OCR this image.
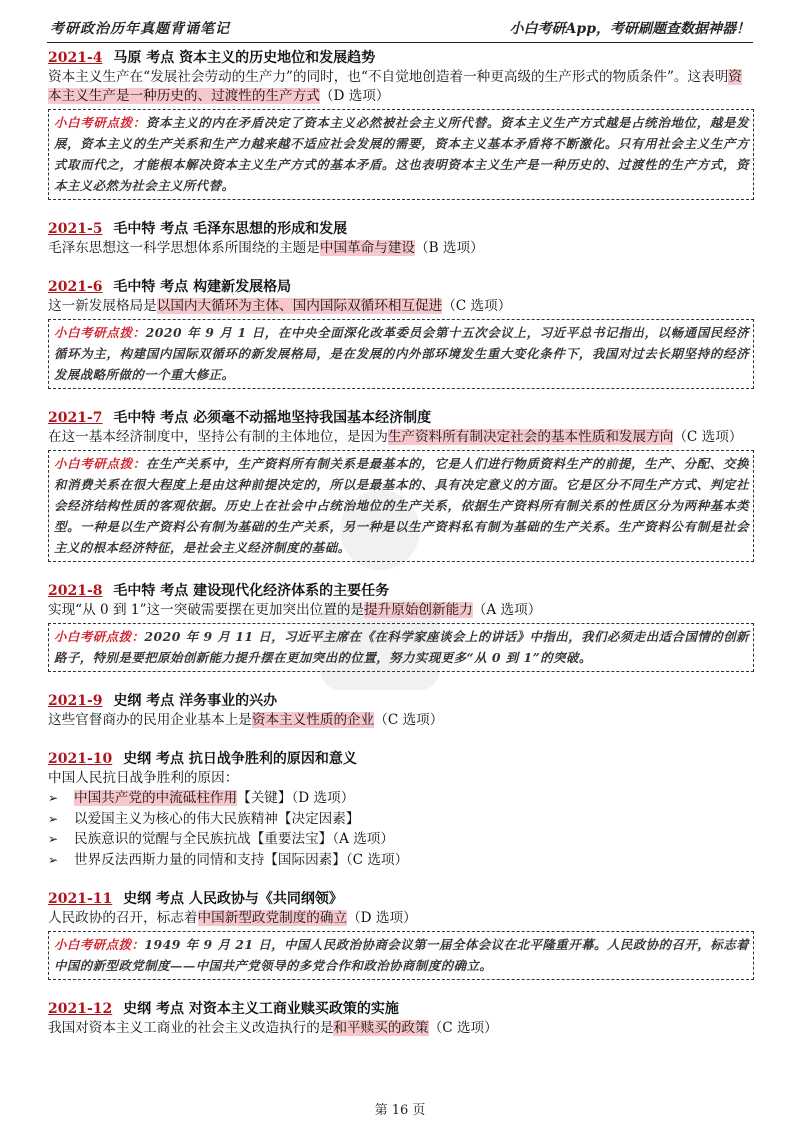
考研政治历年真题背诵笔记	小白考研App，考研刷题查数据神器！
2021-4 马原 考点 资本主义的历史地位和发展趋势
资本主义生产在“发展社会劳动的生产力”的同时，也“不自觉地创造着一种更高级的生产形式的物质条件”。这表明资本主义生产是一种历史的、过渡性的生产方式（D 选项）
小白考研点拨：资本主义的内在矛盾决定了资本主义必然被社会主义所代替。资本主义生产方式越是占统治地位，越是发展，资本主义的生产关系和生产力越来越不适应社会发展的需要，资本主义基本矛盾将不断激化。只有用社会主义生产方式取而代之，才能根本解决资本主义生产方式的基本矛盾。这也表明资本主义生产是一种历史的、过渡性的生产方式，资本主义必然为社会主义所代替。
2021-5 毛中特 考点 毛泽东思想的形成和发展
毛泽东思想这一科学思想体系所围绕的主题是中国革命与建设（B 选项）
2021-6 毛中特 考点 构建新发展格局
这一新发展格局是以国内大循环为主体、国内国际双循环相互促进（C 选项）
小白考研点拨：2020 年 9 月 1 日，在中央全面深化改革委员会第十五次会议上，习近平总书记指出，以畅通国民经济循环为主，构建国内国际双循环的新发展格局，是在发展的内外部环境发生重大变化条件下，我国对过去长期坚持的经济发展战略所做的一个重大修正。
2021-7 毛中特 考点 必须毫不动摇地坚持我国基本经济制度
在这一基本经济制度中，坚持公有制的主体地位，是因为生产资料所有制决定社会的基本性质和发展方向（C 选项）
小白考研点拨：在生产关系中，生产资料所有制关系是最基本的，它是人们进行物质资料生产的前提，生产、分配、交换和消费关系在很大程度上是由这种前提决定的，所以是最基本的、具有决定意义的方面。它是区分不同生产方式、判定社会经济结构性质的客观依据。历史上在社会中占统治地位的生产关系，依据生产资料所有制关系的性质区分为两种基本类型。一种是以生产资料公有制为基础的生产关系，另一种是以生产资料私有制为基础的生产关系。生产资料公有制是社会主义的根本经济特征，是社会主义经济制度的基础。
2021-8 毛中特 考点 建设现代化经济体系的主要任务
实现“从 0 到 1”这一突破需要摆在更加突出位置的是提升原始创新能力（A 选项）
小白考研点拨：2020 年 9 月 11 日，习近平主席在《在科学家座谈会上的讲话》中指出，我们必须走出适合国情的创新路子，特别是要把原始创新能力提升摆在更加突出的位置，努力实现更多“从 0 到 1”的突破。
2021-9 史纲 考点 洋务事业的兴办
这些官督商办的民用企业基本上是资本主义性质的企业（C 选项）
2021-10 史纲 考点 抗日战争胜利的原因和意义
中国人民抗日战争胜利的原因：
➢ 中国共产党的中流砥柱作用【关键】（D 选项）
➢ 以爱国主义为核心的伟大民族精神【决定因素】
➢ 民族意识的觉醒与全民族抗战【重要法宝】（A 选项）
➢ 世界反法西斯力量的同情和支持【国际因素】（C 选项）
2021-11 史纲 考点 人民政协与《共同纲领》
人民政协的召开，标志着中国新型政党制度的确立（D 选项）
小白考研点拨：1949 年 9 月 21 日，中国人民政治协商会议第一届全体会议在北平隆重开幕。人民政协的召开，标志着中国的新型政党制度——中国共产党领导的多党合作和政治协商制度的确立。
2021-12 史纲 考点 对资本主义工商业赎买政策的实施
我国对资本主义工商业的社会主义改造执行的是和平赎买的政策（C 选项）
第 16 页
